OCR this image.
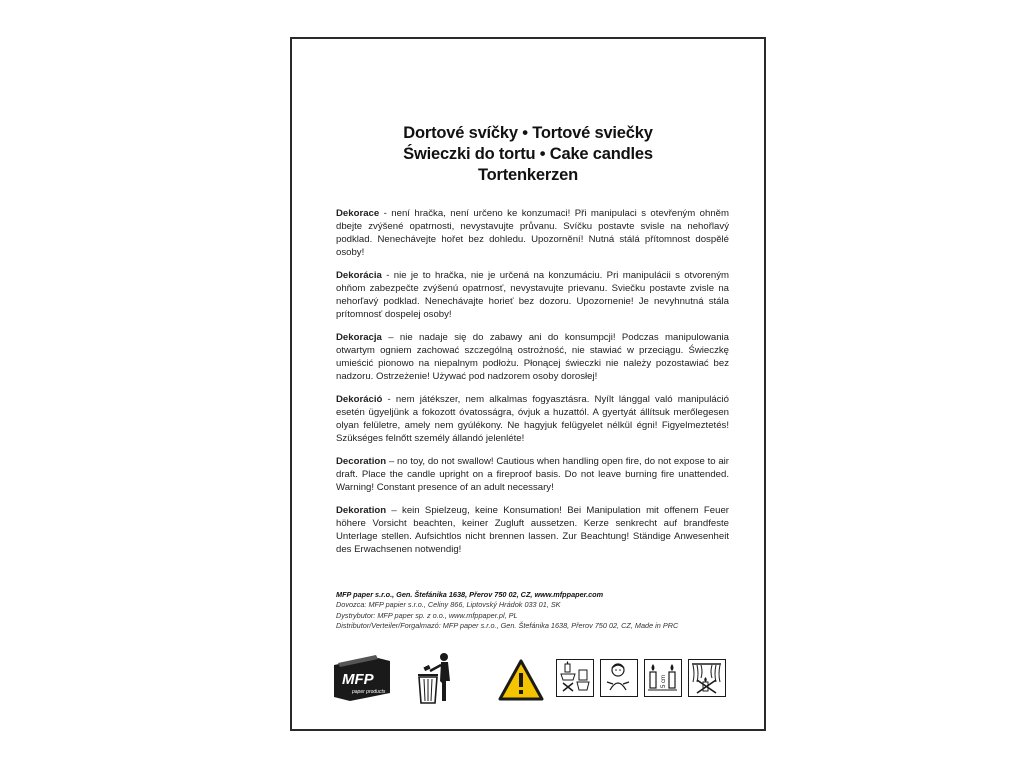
Dortové svíčky • Tortové sviečky
Świeczki do tortu • Cake candles
Tortenkerzen

Dekorace - není hračka, není určeno ke konzumaci! Při manipulaci s otevřeným ohněm dbejte zvýšené opatrnosti, nevystavujte průvanu. Svíčku postavte svisle na nehořlavý podklad. Nenechávejte hořet bez dohledu. Upozornění! Nutná stálá přítomnost dospělé osoby!

Dekorácia - nie je to hračka, nie je určená na konzumáciu. Pri manipulácii s otvoreným ohňom zabezpečte zvýšenú opatrnosť, nevystavujte prievanu. Sviečku postavte zvisle na nehorľavý podklad. Nenechávajte horieť bez dozoru. Upozornenie! Je nevyhnutná stála prítomnosť dospelej osoby!

Dekoracja – nie nadaje się do zabawy ani do konsumpcji! Podczas manipulowania otwartym ogniem zachować szczególną ostrożność, nie stawiać w przeciągu. Świeczkę umieścić pionowo na niepalnym podłożu. Płonącej świeczki nie należy pozostawiać bez nadzoru. Ostrzeżenie! Używać pod nadzorem osoby dorosłej!

Dekoráció - nem játékszer, nem alkalmas fogyasztásra. Nyílt lánggal való manipuláció esetén ügyeljünk a fokozott óvatosságra, óvjuk a huzattól. A gyertyát állítsuk merőlegesen olyan felületre, amely nem gyúlékony. Ne hagyjuk felügyelet nélkül égni! Figyelmeztetés! Szükséges felnőtt személy állandó jelenléte!

Decoration – no toy, do not swallow! Cautious when handling open fire, do not expose to air draft. Place the candle upright on a fireproof basis. Do not leave burning fire unattended. Warning! Constant presence of an adult necessary!

Dekoration – kein Spielzeug, keine Konsumation! Bei Manipulation mit offenem Feuer höhere Vorsicht beachten, keiner Zugluft aussetzen. Kerze senkrecht auf brandfeste Unterlage stellen. Aufsichtlos nicht brennen lassen. Zur Beachtung! Ständige Anwesenheit des Erwachsenen notwendig!

MFP paper s.r.o., Gen. Štefánika 1638, Přerov 750 02, CZ, www.mfppaper.com
Dovozca: MFP papier s.r.o., Celiny 866, Liptovský Hrádok 033 01, SK
Dystrybutor: MFP paper sp. z o.o., www.mfppaper.pl, PL
Distributor/Verteiler/Forgalmazó: MFP paper s.r.o., Gen. Štefánika 1638, Přerov 750 02, CZ, Made in PRC
MFP
paper products
5 cm
